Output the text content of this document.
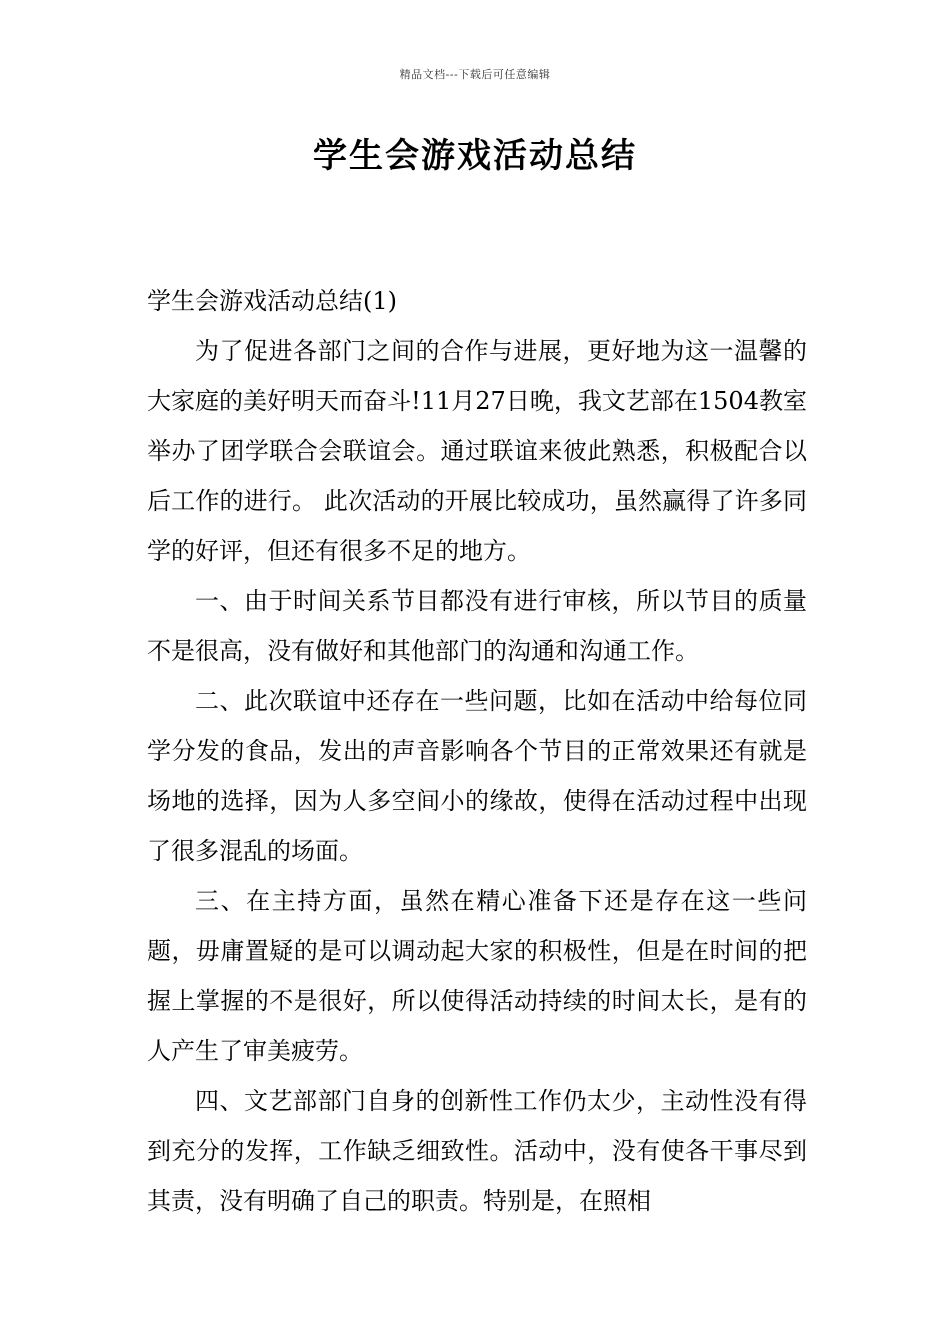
精品文档---下载后可任意编辑
学生会游戏活动总结

学生会游戏活动总结(1)

为了促进各部门之间的合作与进展，更好地为这一温馨的大家庭的美好明天而奋斗!11月27日晚，我文艺部在1504教室举办了团学联合会联谊会。通过联谊来彼此熟悉，积极配合以后工作的进行。 此次活动的开展比较成功，虽然赢得了许多同学的好评，但还有很多不足的地方。

一、由于时间关系节目都没有进行审核，所以节目的质量不是很高，没有做好和其他部门的沟通和沟通工作。

二、此次联谊中还存在一些问题，比如在活动中给每位同学分发的食品，发出的声音影响各个节目的正常效果还有就是场地的选择，因为人多空间小的缘故，使得在活动过程中出现了很多混乱的场面。

三、在主持方面，虽然在精心准备下还是存在这一些问题，毋庸置疑的是可以调动起大家的积极性，但是在时间的把握上掌握的不是很好，所以使得活动持续的时间太长，是有的人产生了审美疲劳。

四、文艺部部门自身的创新性工作仍太少，主动性没有得到充分的发挥，工作缺乏细致性。活动中，没有使各干事尽到其责，没有明确了自己的职责。特别是，在照相
